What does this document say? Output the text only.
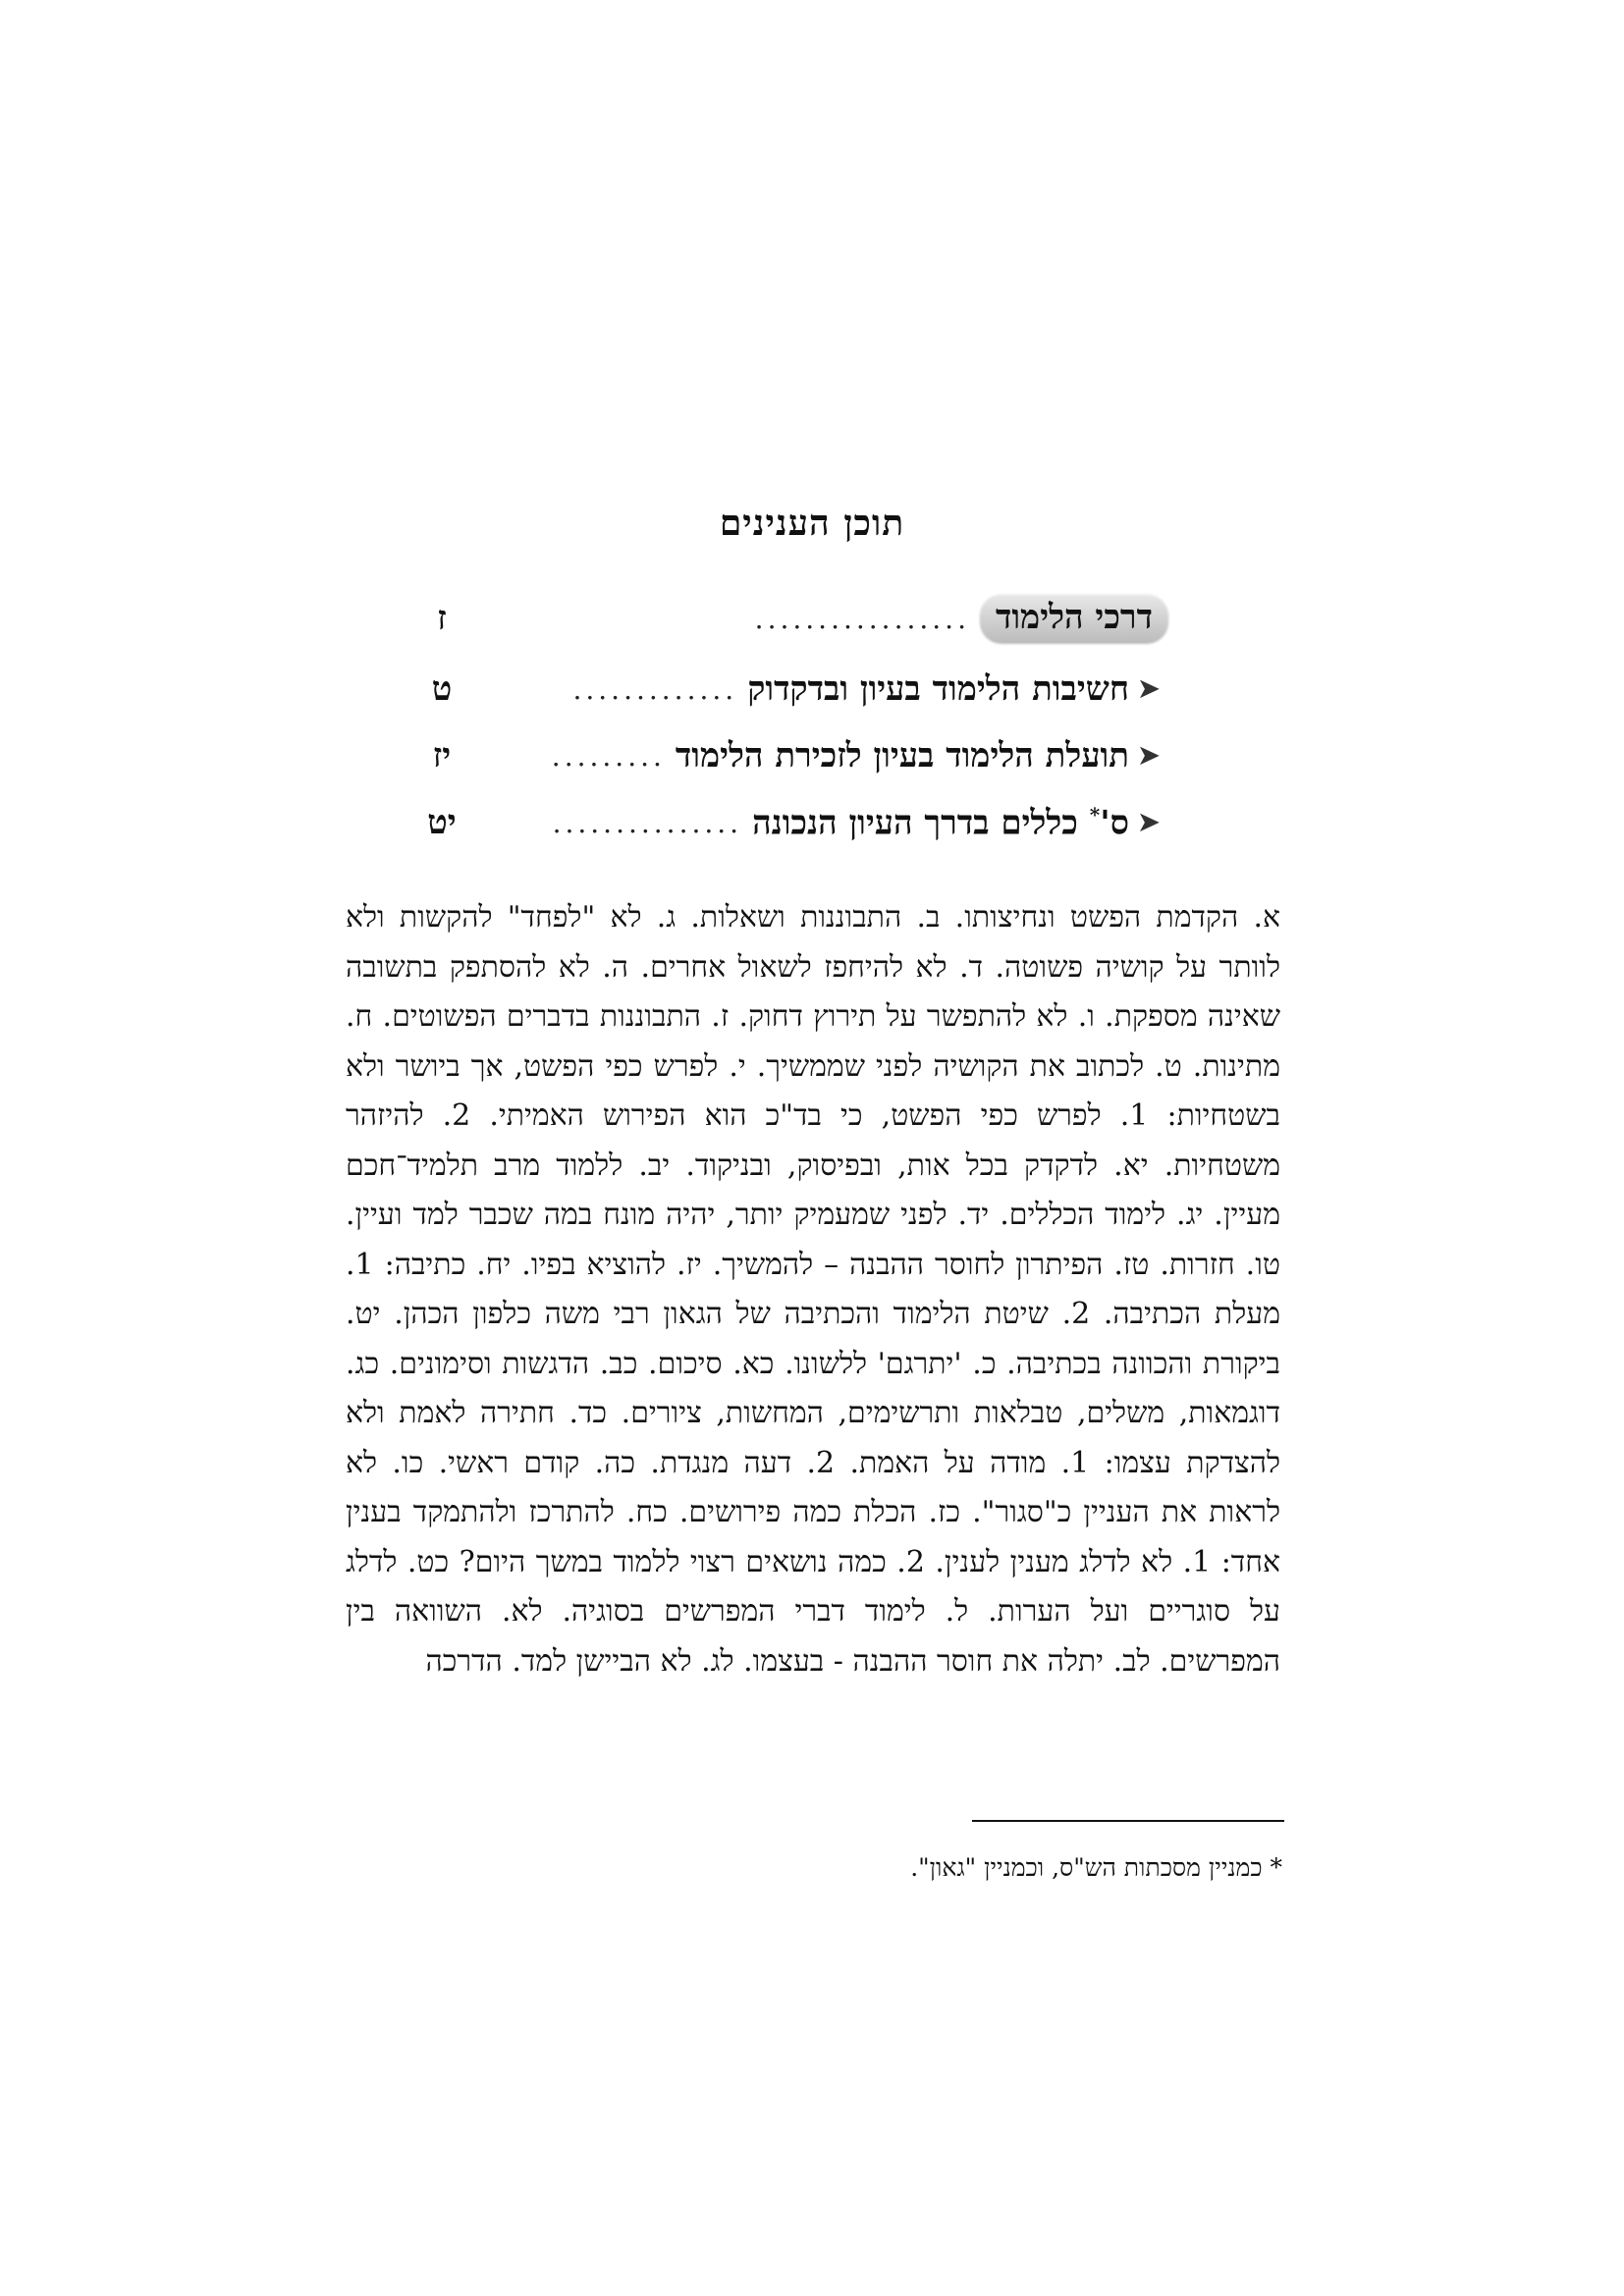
תוכן הענינים
דרכי הלימוד
.................
ז
➤
חשיבות הלימוד בעיון ובדקדוק
.............
ט
➤
תועלת הלימוד בעיון לזכירת הלימוד
.........
יז
➤
ס'* כללים בדרך העיון הנכונה
...............
יט
א. הקדמת הפשט ונחיצותו. ב. התבוננות ושאלות. ג. לא "לפחד" להקשות ולא לוותר על קושיה פשוטה. ד. לא להיחפז לשאול אחרים. ה. לא להסתפק בתשובה שאינה מספקת. ו. לא להתפשר על תירוץ דחוק. ז. התבוננות בדברים הפשוטים. ח. מתינות. ט. לכתוב את הקושיה לפני שממשיך. י. לפרש כפי הפשט, אך ביושר ולא בשטחיות: 1. לפרש כפי הפשט, כי בד"כ הוא הפירוש האמיתי. 2. להיזהר משטחיות. יא. לדקדק בכל אות, ובפיסוק, ובניקוד. יב. ללמוד מרב תלמיד־חכם מעיין. יג. לימוד הכללים. יד. לפני שמעמיק יותר, יהיה מונח במה שכבר למד ועיין. טו. חזרות. טז. הפיתרון לחוסר ההבנה – להמשיך. יז. להוציא בפיו. יח. כתיבה: 1. מעלת הכתיבה. 2. שיטת הלימוד והכתיבה של הגאון רבי משה כלפון הכהן. יט. ביקורת והכוונה בכתיבה. כ. 'יתרגם' ללשונו. כא. סיכום. כב. הדגשות וסימונים. כג. דוגמאות, משלים, טבלאות ותרשימים, המחשות, ציורים. כד. חתירה לאמת ולא להצדקת עצמו: 1. מודה על האמת. 2. דעה מנגדת. כה. קודם ראשי. כו. לא לראות את העניין כ"סגור". כז. הכלת כמה פירושים. כח. להתרכז ולהתמקד בענין אחד: 1. לא לדלג מענין לענין. 2. כמה נושאים רצוי ללמוד במשך היום? כט. לדלג על סוגריים ועל הערות. ל. לימוד דברי המפרשים בסוגיה. לא. השוואה בין המפרשים. לב. יתלה את חוסר ההבנה - בעצמו. לג. לא הביישן למד. הדרכה
* כמניין מסכתות הש"ס, וכמניין "גאון".
